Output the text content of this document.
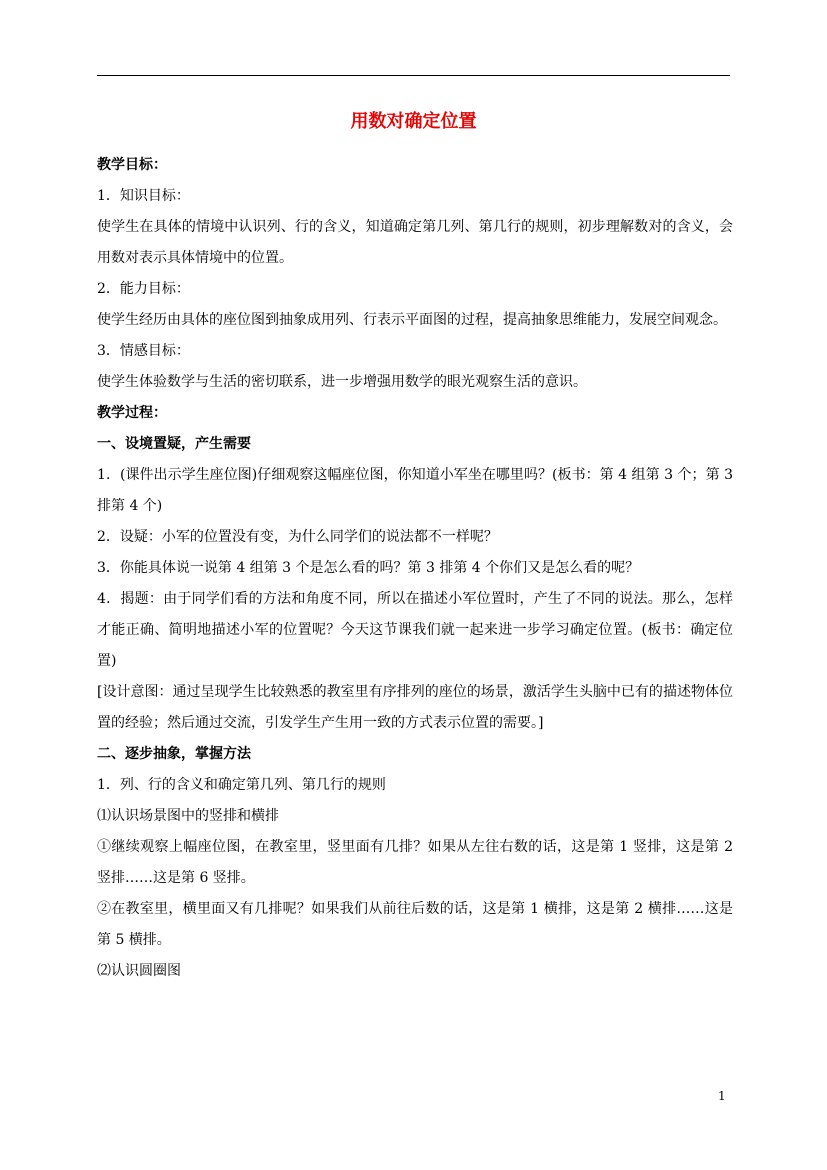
用数对确定位置

教学目标：

1．知识目标：

使学生在具体的情境中认识列、行的含义，知道确定第几列、第几行的规则，初步理解数对的含义，会用数对表示具体情境中的位置。

2．能力目标：

使学生经历由具体的座位图到抽象成用列、行表示平面图的过程，提高抽象思维能力，发展空间观念。

3．情感目标：

使学生体验数学与生活的密切联系，进一步增强用数学的眼光观察生活的意识。

教学过程：

一、设境置疑，产生需要

1．(课件出示学生座位图)仔细观察这幅座位图，你知道小军坐在哪里吗？(板书：第 4 组第 3 个；第 3 排第 4 个)

2．设疑：小军的位置没有变，为什么同学们的说法都不一样呢？

3．你能具体说一说第 4 组第 3 个是怎么看的吗？第 3 排第 4 个你们又是怎么看的呢？

4．揭题：由于同学们看的方法和角度不同，所以在描述小军位置时，产生了不同的说法。那么，怎样才能正确、简明地描述小军的位置呢？今天这节课我们就一起来进一步学习确定位置。(板书：确定位置)

[设计意图：通过呈现学生比较熟悉的教室里有序排列的座位的场景，激活学生头脑中已有的描述物体位置的经验；然后通过交流，引发学生产生用一致的方式表示位置的需要。]

二、逐步抽象，掌握方法

1．列、行的含义和确定第几列、第几行的规则

⑴认识场景图中的竖排和横排

①继续观察上幅座位图，在教室里，竖里面有几排？如果从左往右数的话，这是第 1 竖排，这是第 2 竖排……这是第 6 竖排。

②在教室里，横里面又有几排呢？如果我们从前往后数的话，这是第 1 横排，这是第 2 横排……这是第 5 横排。

⑵认识圆圈图

1
